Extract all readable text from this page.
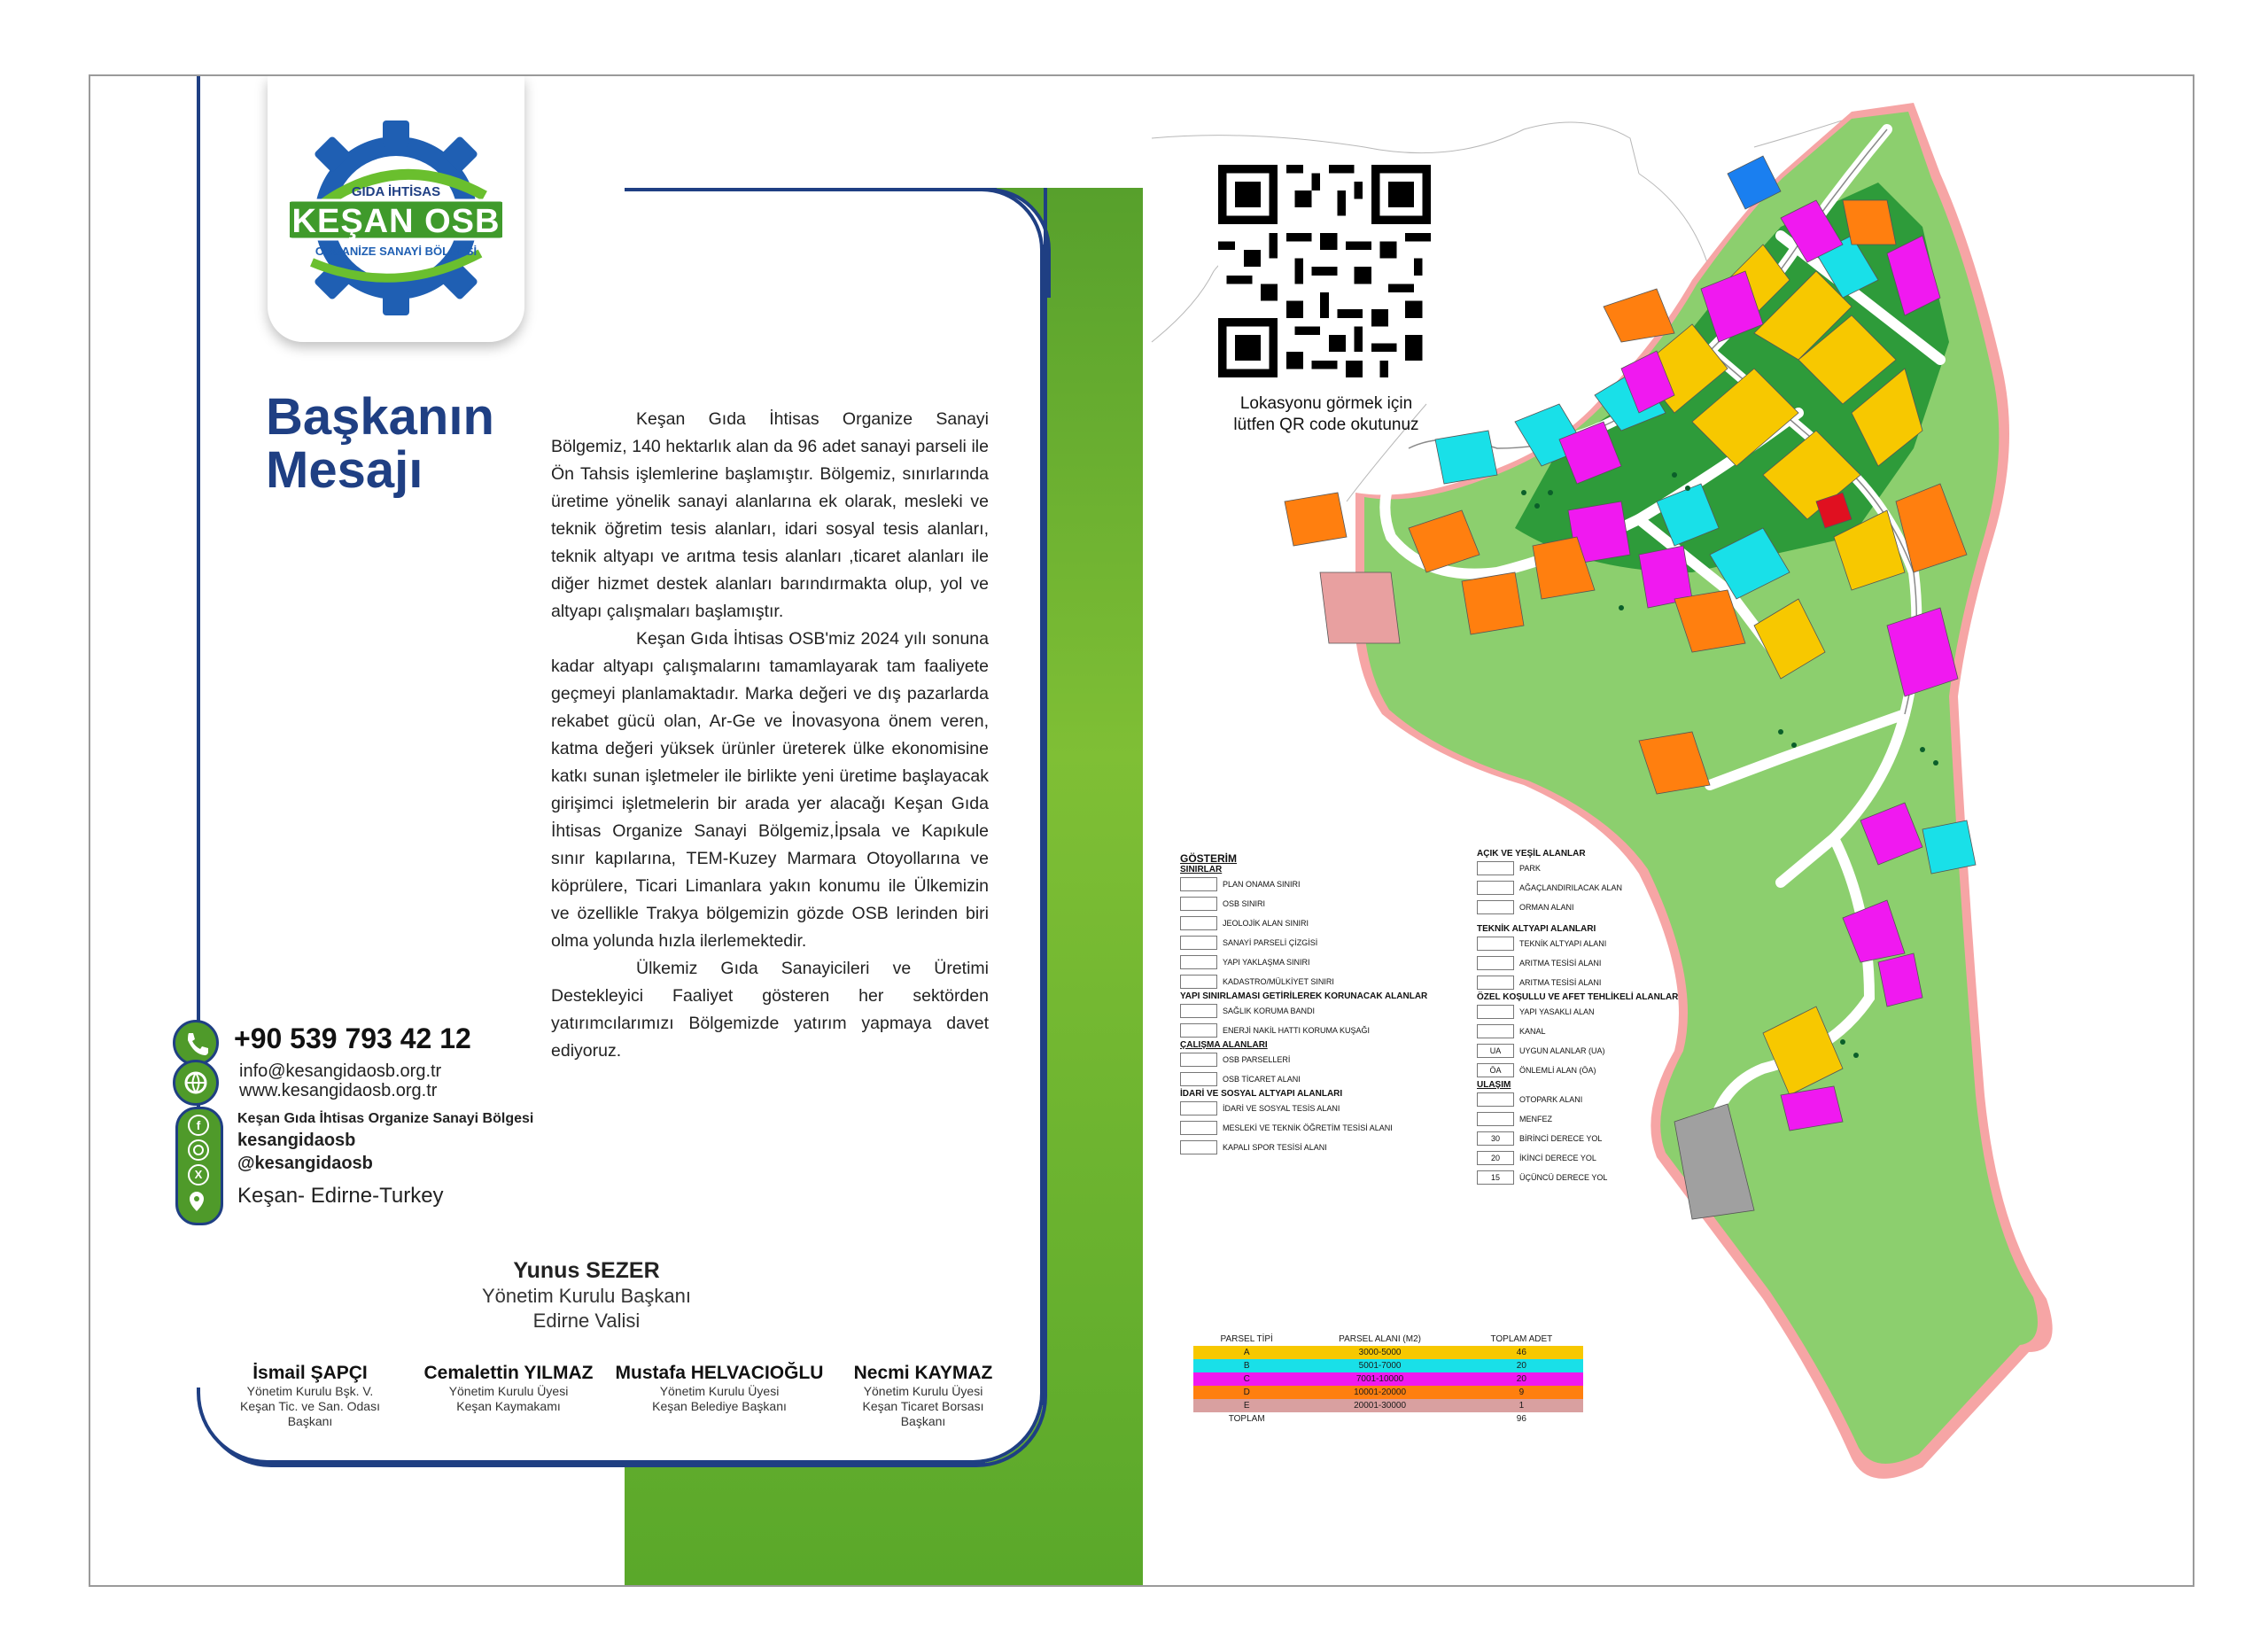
GIDA İHTİSAS
KEŞAN OSB
ORGANİZE SANAYİ BÖLGESİ
Başkanın
Mesajı

Keşan Gıda İhtisas Organize Sanayi Bölgemiz, 140 hektarlık alan da 96 adet sanayi parseli ile Ön Tahsis işlemlerine başlamıştır. Bölgemiz, sınırlarında üretime yönelik sanayi alanlarına ek olarak, mesleki ve teknik öğretim tesis alanları, idari sosyal tesis alanları, teknik altyapı ve arıtma tesis alanları ,ticaret alanları ile diğer hizmet destek alanları barındırmakta olup, yol ve altyapı çalışmaları başlamıştır.

Keşan Gıda İhtisas OSB'miz 2024 yılı sonuna kadar altyapı çalışmalarını tamamlayarak tam faaliyete geçmeyi planlamaktadır. Marka değeri ve dış pazarlarda rekabet gücü olan, Ar-Ge ve İnovasyona önem veren, katma değeri yüksek ürünler üreterek ülke ekonomisine katkı sunan işletmeler ile birlikte yeni üretime başlayacak girişimci işletmelerin bir arada yer alacağı Keşan Gıda İhtisas Organize Sanayi Bölgemiz,İpsala ve Kapıkule sınır kapılarına, TEM-Kuzey Marmara Otoyollarına ve köprülere, Ticari Limanlara yakın konumu ile Ülkemizin ve özellikle Trakya bölgemizin gözde OSB lerinden biri olma yolunda hızla ilerlemektedir.

Ülkemiz Gıda Sanayicileri ve Üretimi Destekleyici Faaliyet gösteren her sektörden yatırımcılarımızı Bölgemizde yatırım yapmaya davet ediyoruz.

+90 539 793 42 12
info@kesangidaosb.org.tr
www.kesangidaosb.org.tr
f
X
Keşan Gıda İhtisas Organize Sanayi Bölgesi
kesangidaosb
@kesangidaosb
Keşan- Edirne-Turkey
Yunus SEZER
Yönetim Kurulu Başkanı
Edirne Valisi
İsmail ŞAPÇI
Yönetim Kurulu Bşk. V.
Keşan Tic. ve San. Odası
Başkanı
Cemalettin YILMAZ
Yönetim Kurulu Üyesi
Keşan Kaymakamı
Mustafa HELVACIOĞLU
Yönetim Kurulu Üyesi
Keşan Belediye Başkanı
Necmi KAYMAZ
Yönetim Kurulu Üyesi
Keşan Ticaret Borsası
Başkanı
Lokasyonu görmek için
lütfen QR code okutunuz
GÖSTERİM
SINIRLAR
PLAN ONAMA SINIRI
OSB SINIRI
JEOLOJİK ALAN SINIRI
SANAYİ PARSELİ ÇİZGİSİ
YAPI YAKLAŞMA SINIRI
KADASTRO/MÜLKİYET SINIRI
YAPI SINIRLAMASI GETİRİLEREK KORUNACAK ALANLAR
SAĞLIK KORUMA BANDI
ENERJİ NAKİL HATTI KORUMA KUŞAĞI
ÇALIŞMA ALANLARI
OSB PARSELLERİ
OSB TİCARET ALANI
İDARİ VE SOSYAL ALTYAPI ALANLARI
İDARİ VE SOSYAL TESİS ALANI
MESLEKİ VE TEKNİK ÖĞRETİM TESİSİ ALANI
KAPALI SPOR TESİSİ ALANI
AÇIK VE YEŞİL ALANLAR
PARK
AĞAÇLANDIRILACAK ALAN
ORMAN ALANI
TEKNİK ALTYAPI ALANLARI
TEKNİK ALTYAPI ALANI
ARITMA TESİSİ ALANI
ARITMA TESİSİ ALANI
ÖZEL KOŞULLU VE AFET TEHLİKELİ ALANLAR
YAPI YASAKLI ALAN
KANAL
UA	UYGUN ALANLAR (UA)
ÖA	ÖNLEMLİ ALAN (ÖA)
ULAŞIM
OTOPARK ALANI
MENFEZ
30	BİRİNCİ DERECE YOL
20	İKİNCİ DERECE YOL
15	ÜÇÜNCÜ DERECE YOL
PARSEL TİPİ	PARSEL ALANI (M2)	TOPLAM ADET
A	3000-5000	46
B	5001-7000	20
C	7001-10000	20
D	10001-20000	9
E	20001-30000	1
TOPLAM		96
